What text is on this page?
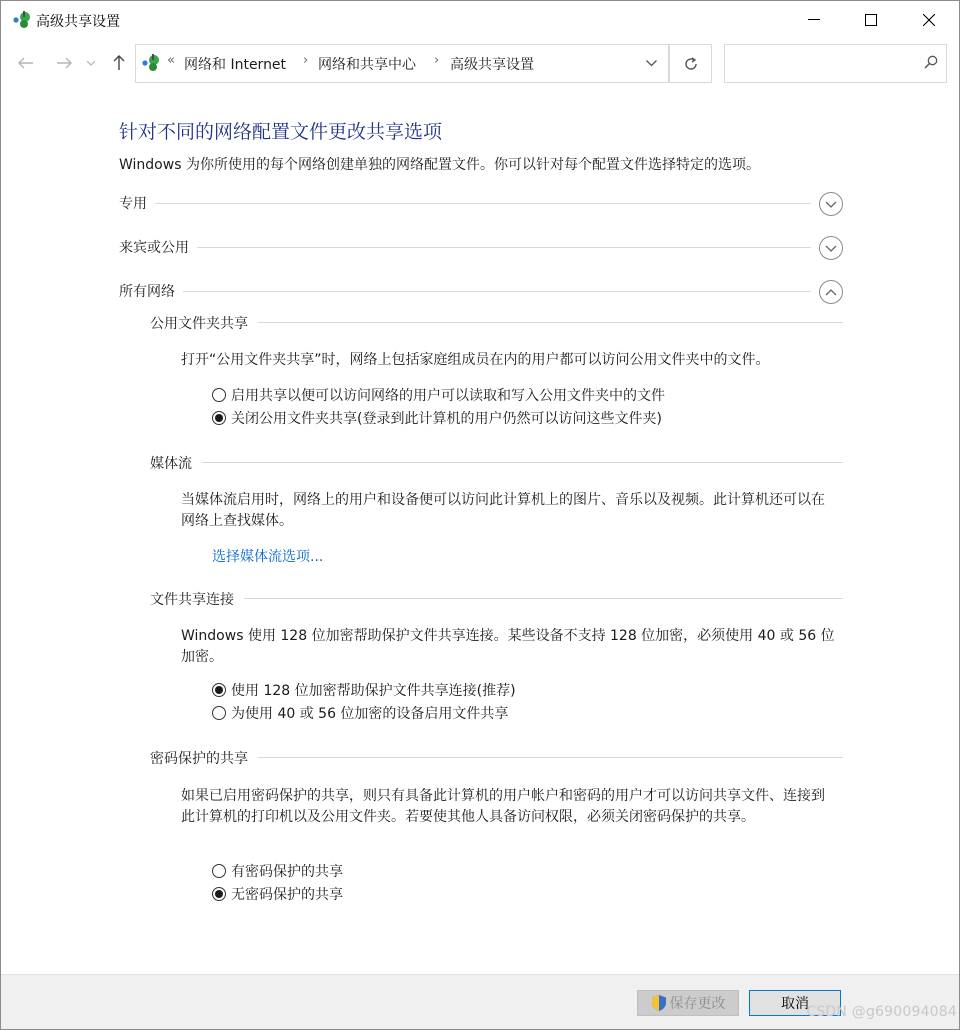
高级共享设置
« 网络和 Internet › 网络和共享中心 › 高级共享设置
针对不同的网络配置文件更改共享选项
Windows 为你所使用的每个网络创建单独的网络配置文件。你可以针对每个配置文件选择特定的选项。
专用
来宾或公用
所有网络
公用文件夹共享
打开“公用文件夹共享”时，网络上包括家庭组成员在内的用户都可以访问公用文件夹中的文件。
启用共享以便可以访问网络的用户可以读取和写入公用文件夹中的文件
关闭公用文件夹共享(登录到此计算机的用户仍然可以访问这些文件夹)
媒体流
当媒体流启用时，网络上的用户和设备便可以访问此计算机上的图片、音乐以及视频。此计算机还可以在网络上查找媒体。
选择媒体流选项...
文件共享连接
Windows 使用 128 位加密帮助保护文件共享连接。某些设备不支持 128 位加密，必须使用 40 或 56 位加密。
使用 128 位加密帮助保护文件共享连接(推荐)
为使用 40 或 56 位加密的设备启用文件共享
密码保护的共享
如果已启用密码保护的共享，则只有具备此计算机的用户帐户和密码的用户才可以访问共享文件、连接到此计算机的打印机以及公用文件夹。若要使其他人具备访问权限，必须关闭密码保护的共享。
有密码保护的共享
无密码保护的共享
保存更改	取消
CSDN @g690094084
